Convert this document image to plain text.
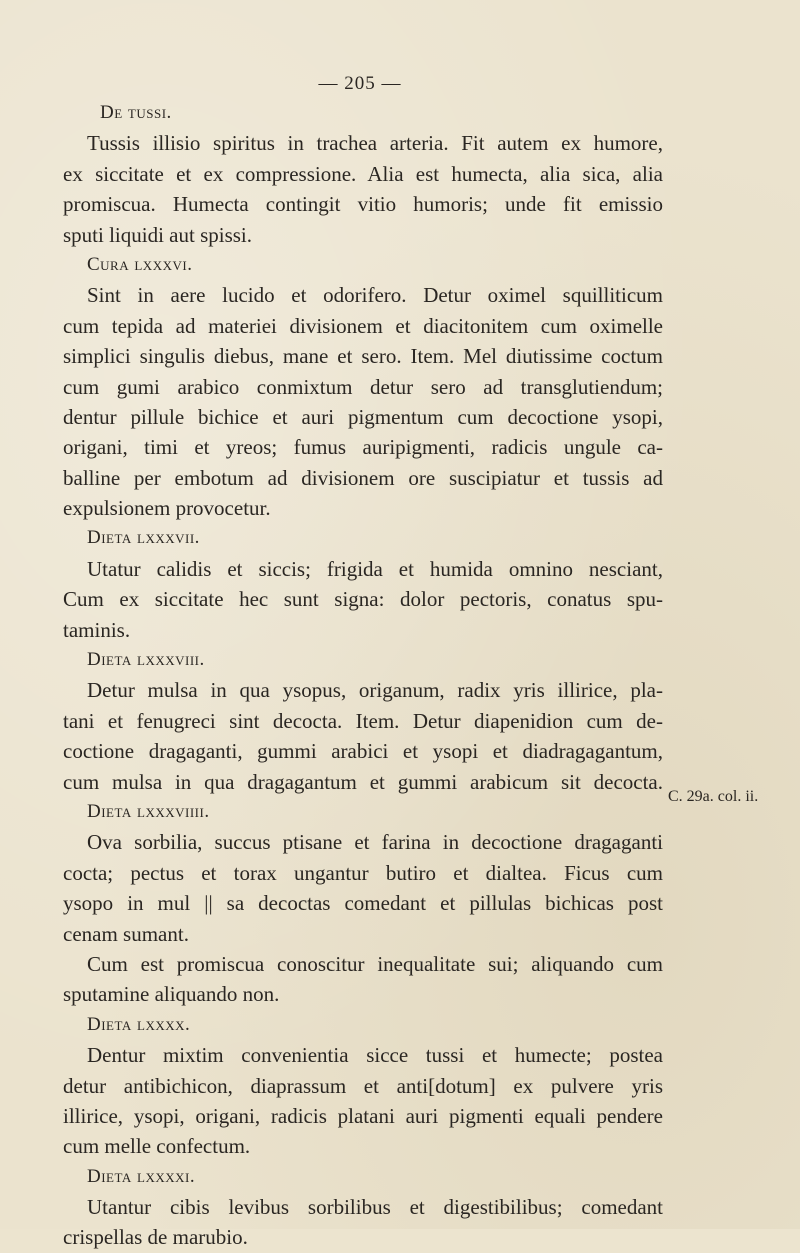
— 205 —
De tussi.
Tussis illisio spiritus in trachea arteria. Fit autem ex humore,
ex siccitate et ex compressione. Alia est humecta, alia sica, alia
promiscua. Humecta contingit vitio humoris; unde fit emissio
sputi liquidi aut spissi.
Cura lxxxvi.
Sint in aere lucido et odorifero. Detur oximel squilliticum
cum tepida ad materiei divisionem et diacitonitem cum oximelle
simplici singulis diebus, mane et sero. Item. Mel diutissime coctum
cum gumi arabico conmixtum detur sero ad transglutiendum;
dentur pillule bichice et auri pigmentum cum decoctione ysopi,
origani, timi et yreos; fumus auripigmenti, radicis ungule ca-
balline per embotum ad divisionem ore suscipiatur et tussis ad
expulsionem provocetur.
Dieta lxxxvii.
Utatur calidis et siccis; frigida et humida omnino nesciant,
Cum ex siccitate hec sunt signa: dolor pectoris, conatus spu-
taminis.
Dieta lxxxviii.
Detur mulsa in qua ysopus, origanum, radix yris illirice, pla-
tani et fenugreci sint decocta. Item. Detur diapenidion cum de-
coctione dragaganti, gummi arabici et ysopi et diadragagantum,
cum mulsa in qua dragagantum et gummi arabicum sit decocta.
Dieta lxxxviiii.
Ova sorbilia, succus ptisane et farina in decoctione dragaganti
cocta; pectus et torax ungantur butiro et dialtea. Ficus cum
ysopo in mul || sa decoctas comedant et pillulas bichicas post
cenam sumant.
Cum est promiscua conoscitur inequalitate sui; aliquando cum
sputamine aliquando non.
Dieta lxxxx.
Dentur mixtim convenientia sicce tussi et humecte; postea
detur antibichicon, diaprassum et anti[dotum] ex pulvere yris
illirice, ysopi, origani, radicis platani auri pigmenti equali pendere
cum melle confectum.
Dieta lxxxxi.
Utantur cibis levibus sorbilibus et digestibilibus; comedant
crispellas de marubio.
C. 29a. col. ii.
